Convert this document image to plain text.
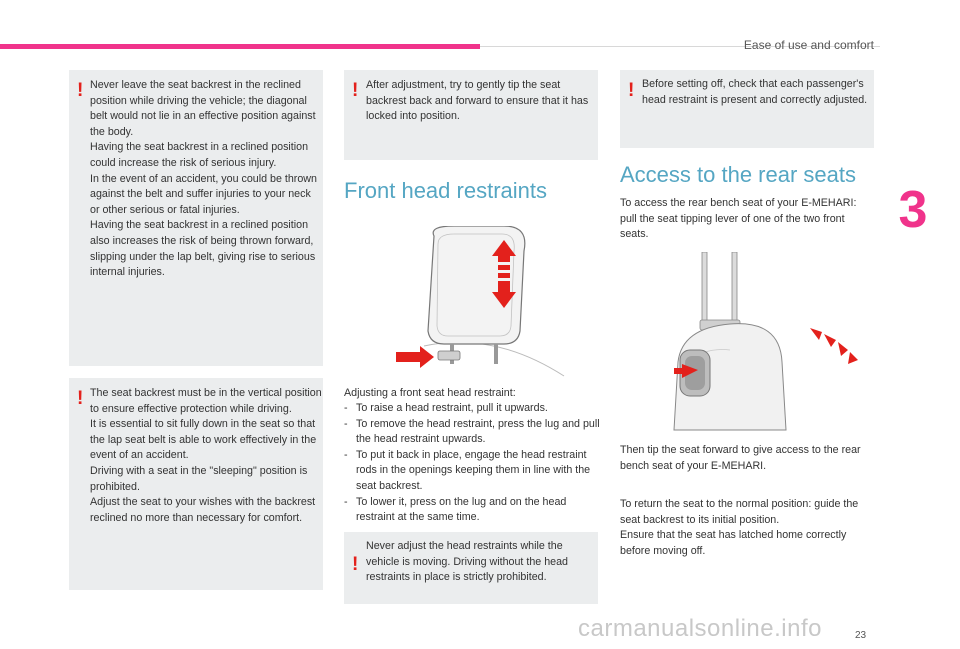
Ease of use and comfort
3
23
carmanualsonline.info
! Never leave the seat backrest in the reclined position while driving the vehicle; the diagonal belt would not lie in an effective position against the body.

Having the seat backrest in a reclined position could increase the risk of serious injury.

In the event of an accident, you could be thrown against the belt and suffer injuries to your neck or other serious or fatal injuries.

Having the seat backrest in a reclined position also increases the risk of being thrown forward, slipping under the lap belt, giving rise to serious internal injuries.

! The seat backrest must be in the vertical position to ensure effective protection while driving.

It is essential to sit fully down in the seat so that the lap seat belt is able to work effectively in the event of an accident.

Driving with a seat in the "sleeping" position is prohibited.

Adjust the seat to your wishes with the backrest reclined no more than necessary for comfort.

! After adjustment, try to gently tip the seat backrest back and forward to ensure that it has locked into position.

Front head restraints
Adjusting a front seat head restraint:
- To raise a head restraint, pull it upwards.
- To remove the head restraint, press the lug and pull the head restraint upwards.
- To put it back in place, engage the head restraint rods in the openings keeping them in line with the seat backrest.
- To lower it, press on the lug and on the head restraint at the same time.
!

Never adjust the head restraints while the vehicle is moving. Driving without the head restraints in place is strictly prohibited.

! Before setting off, check that each passenger's head restraint is present and correctly adjusted.

Access to the rear seats
To access the rear bench seat of your E-MEHARI: pull the seat tipping lever of one of the two front seats.
Then tip the seat forward to give access to the rear bench seat of your E-MEHARI.

To return the seat to the normal position: guide the seat backrest to its initial position.

Ensure that the seat has latched home correctly before moving off.
